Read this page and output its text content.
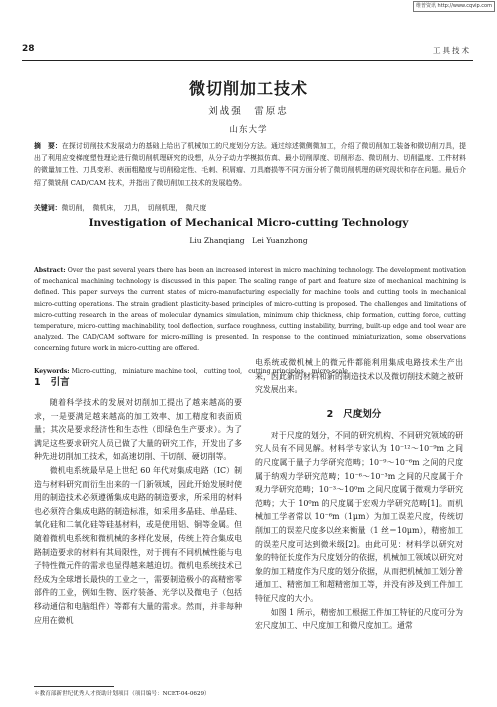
维普资讯 http://www.cqvip.com
28	工具技术
微切削加工技术
刘战强　雷原忠
山东大学
摘　要：在探讨切削技术发展动力的基础上给出了机械加工的尺度划分方法。通过综述微侧微加工，介绍了微切削加工装备和微切削刀具，提出了利用应变梯度塑性理论进行微切削机理研究的设想，从分子动力学模拟仿真、最小切削厚度、切削形态、微切削力、切削温度、工件材料的微量加工性、刀具变形、表面粗糙度与切削稳定性、毛刺、积屑瘤、刀具磨损等不同方面分析了微切削机理的研究现状和存在问题。最后介绍了微铣削 CAD/CAM 技术，并指出了微切削加工技术的发展趋势。
关键词：微切削，　微机床，　刀具，　切削机理，　微尺度
Investigation of Mechanical Micro-cutting Technology
Liu Zhanqiang　Lei Yuanzhong
Abstract: Over the past several years there has been an increased interest in micro machining technology. The development motivation of mechanical machining technology is discussed in this paper. The scaling range of part and feature size of mechanical machining is defined. This paper surveys the current states of micro-manufacturing especially for machine tools and cutting tools in mechanical micro-cutting operations. The strain gradient plasticity-based principles of micro-cutting is proposed. The challenges and limitations of micro-cutting research in the areas of molecular dynamics simulation, minimum chip thickness, chip formation, cutting force, cutting temperature, micro-cutting machinability, tool deflection, surface roughness, cutting instability, burring, built-up edge and tool wear are analyzed. The CAD/CAM software for micro-milling is presented. In response to the continued miniaturization, some observations concerning future work in micro-cutting are offered.
Keywords: Micro-cutting,　miniature machine tool,　cutting tool,　cutting principles,　micro-scale
1 引言

随着科学技术的发展对切削加工提出了越来越高的要求，一是要满足越来越高的加工效率、加工精度和表面质量；其次是要求经济性和生态性（即绿色生产要求）。为了满足这些要求研究人员已做了大量的研究工作，开发出了多种先进切削加工技术，如高速切削、干切削、硬切削等。

微机电系统最早是上世纪 60 年代对集成电路（IC）制造与材料研究而衍生出来的一门新领域，因此开始发展时使用的制造技术必须遵循集成电路的制造要求，所采用的材料也必须符合集成电路的制造标准，如采用多晶硅、单晶硅、氧化硅和二氧化硅等硅基材料，或是使用铝、铜等金属。但随着微机电系统和微机械的多样化发展，传统上符合集成电路制造要求的材料有其局限性，对于拥有不同机械性能与电子特性微元件的需求也显得越来越迫切。微机电系统技术已经成为全球增长最快的工业之一，需要制造极小的高精密零部件的工业，例如生物、医疗装备、光学以及微电子（包括移动通信和电脑组件）等都有大量的需求。然而，并非每种应用在微机

＊教育部新世纪优秀人才资助计划项目（项目编号：NCET-04-0629）

电系统或微机械上的微元件都能利用集成电路技术生产出来，因此新的材料和新的制造技术以及微切削技术随之被研究发展出来。

2 尺度划分

对于尺度的划分，不同的研究机构、不同研究领域的研究人员有不同见解。材料学专家认为 10⁻¹²～10⁻⁹m 之间的尺度属于量子力学研究范畴；10⁻⁹～10⁻⁶m 之间的尺度属于纳观力学研究范畴；10⁻⁶～10⁻³m 之间的尺度属于介观力学研究范畴；10⁻³～10⁰m 之间尺度属于微观力学研究范畴；大于 10⁰m 的尺度属于宏观力学研究范畴[1]。而机械加工学者常以 10⁻⁶m（1μm）为加工误差尺度，传统切削加工的误差尺度多以丝来衡量（1 丝＝10μm），精密加工的误差尺度可达到微米级[2]。由此可见：材料学以研究对象的特征长度作为尺度划分的依据，机械加工领域以研究对象的加工精度作为尺度的划分依据，从而把机械加工划分普通加工、精密加工和超精密加工等，并没有涉及到工件加工特征尺度的大小。

如图 1 所示，精密加工根据工件加工特征的尺度可分为宏尺度加工、中尺度加工和微尺度加工。通常
